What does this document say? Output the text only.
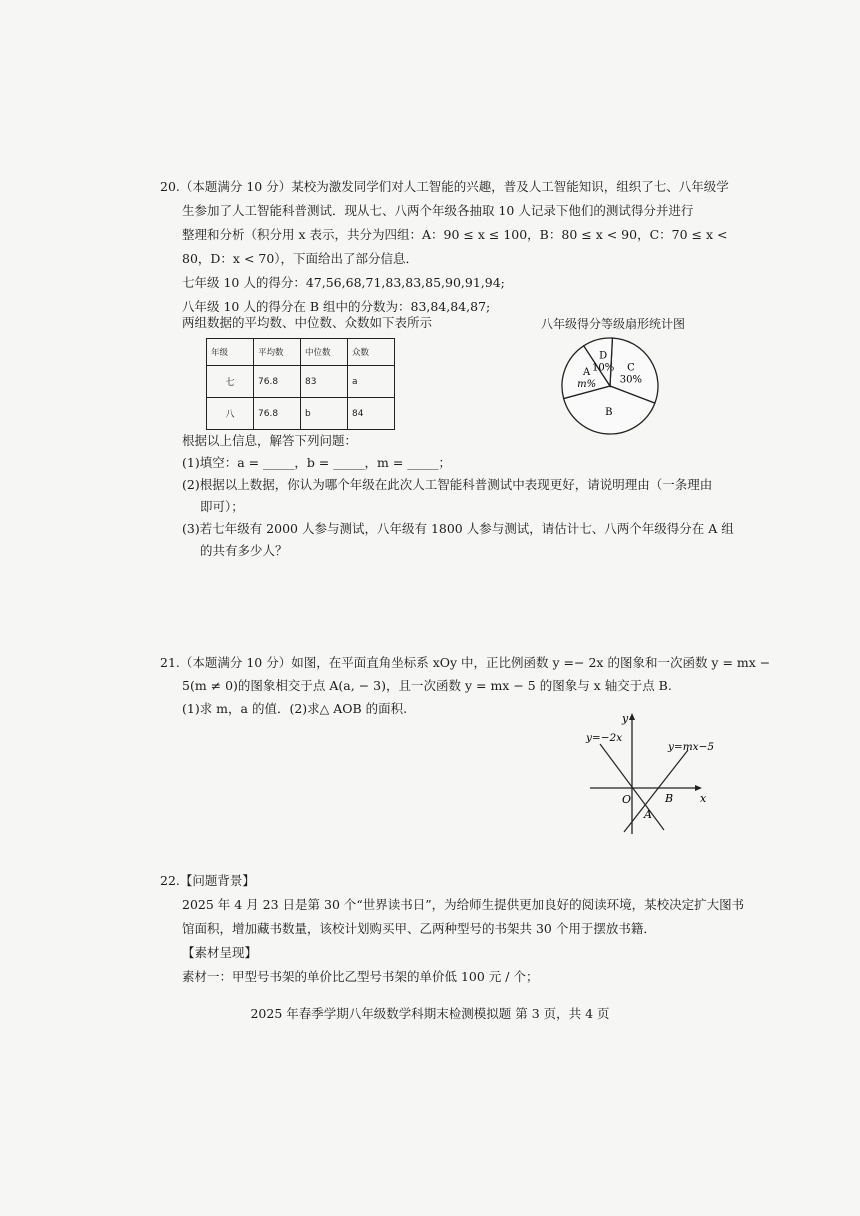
20.（本题满分 10 分）某校为激发同学们对人工智能的兴趣，普及人工智能知识，组织了七、八年级学
生参加了人工智能科普测试．现从七、八两个年级各抽取 10 人记录下他们的测试得分并进行
整理和分析（积分用 x 表示，共分为四组：A：90 ≤ x ≤ 100，B：80 ≤ x < 90，C：70 ≤ x <
80，D：x < 70），下面给出了部分信息．
七年级 10 人的得分：47,56,68,71,83,83,85,90,91,94;
八年级 10 人的得分在 B 组中的分数为：83,84,84,87;
两组数据的平均数、中位数、众数如下表所示
年级	平均数	中位数	众数
七	76.8	83	a
八	76.8	b	84
八年级得分等级扇形统计图
C
30%
B
A
m%
D
10%
根据以上信息，解答下列问题：
(1)填空：a = _____，b = _____，m = _____；
(2)根据以上数据，你认为哪个年级在此次人工智能科普测试中表现更好，请说明理由（一条理由
即可）；
(3)若七年级有 2000 人参与测试，八年级有 1800 人参与测试，请估计七、八两个年级得分在 A 组
的共有多少人？
21.（本题满分 10 分）如图，在平面直角坐标系 xOy 中，正比例函数 y =− 2x 的图象和一次函数 y = mx −
5(m ≠ 0)的图象相交于点 A(a, − 3)，且一次函数 y = mx − 5 的图象与 x 轴交于点 B.
(1)求 m，a 的值．(2)求△ AOB 的面积.
y
x
O	B
A
y=−2x
y=mx−5
22.【问题背景】
2025 年 4 月 23 日是第 30 个“世界读书日”，为给师生提供更加良好的阅读环境，某校决定扩大图书
馆面积，增加藏书数量，该校计划购买甲、乙两种型号的书架共 30 个用于摆放书籍．
【素材呈现】
素材一：甲型号书架的单价比乙型号书架的单价低 100 元 / 个；
2025 年春季学期八年级数学科期末检测模拟题 第 3 页，共 4 页
